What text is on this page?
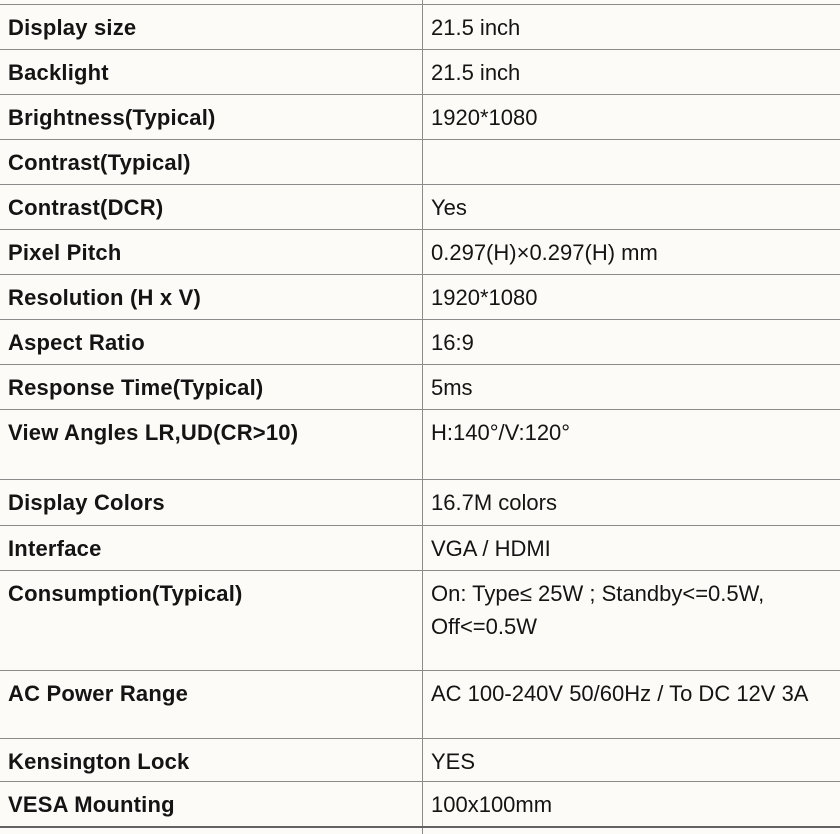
Display size	21.5 inch
Backlight	21.5 inch
Brightness(Typical)	1920*1080
Contrast(Typical)
Contrast(DCR)	Yes
Pixel Pitch	0.297(H)×0.297(H) mm
Resolution (H x V)	1920*1080
Aspect Ratio	16:9
Response Time(Typical)	5ms
View Angles LR,UD(CR>10)	H:140°/V:120°
Display Colors	16.7M colors
Interface	VGA / HDMI
Consumption(Typical)	On: Type≤ 25W ; Standby<=0.5W, Off<=0.5W
AC Power Range	AC 100-240V 50/60Hz / To DC 12V 3A
Kensington Lock	YES
VESA Mounting	100x100mm
